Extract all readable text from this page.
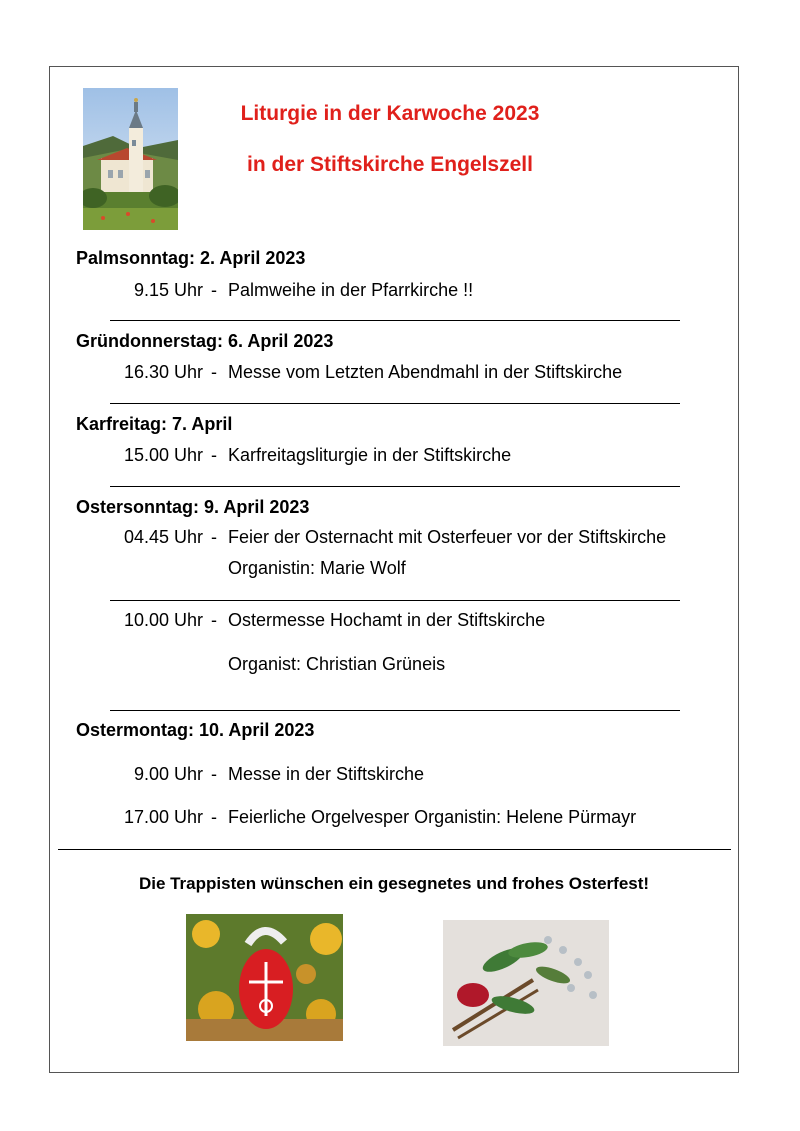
Liturgie in der Karwoche 2023
in der Stiftskirche Engelszell
Palmsonntag: 2. April 2023
9.15 Uhr - Palmweihe in der Pfarrkirche !!
Gründonnerstag: 6. April 2023
16.30 Uhr - Messe vom Letzten Abendmahl in der Stiftskirche
Karfreitag: 7. April
15.00 Uhr - Karfreitagsliturgie in der Stiftskirche
Ostersonntag: 9. April 2023
04.45 Uhr - Feier der Osternacht mit Osterfeuer vor der Stiftskirche
Organistin: Marie Wolf
10.00 Uhr - Ostermesse Hochamt in der Stiftskirche
Organist: Christian Grüneis
Ostermontag: 10. April 2023
9.00 Uhr - Messe in der Stiftskirche
17.00 Uhr - Feierliche Orgelvesper Organistin: Helene Pürmayr
Die Trappisten wünschen ein gesegnetes und frohes Osterfest!
